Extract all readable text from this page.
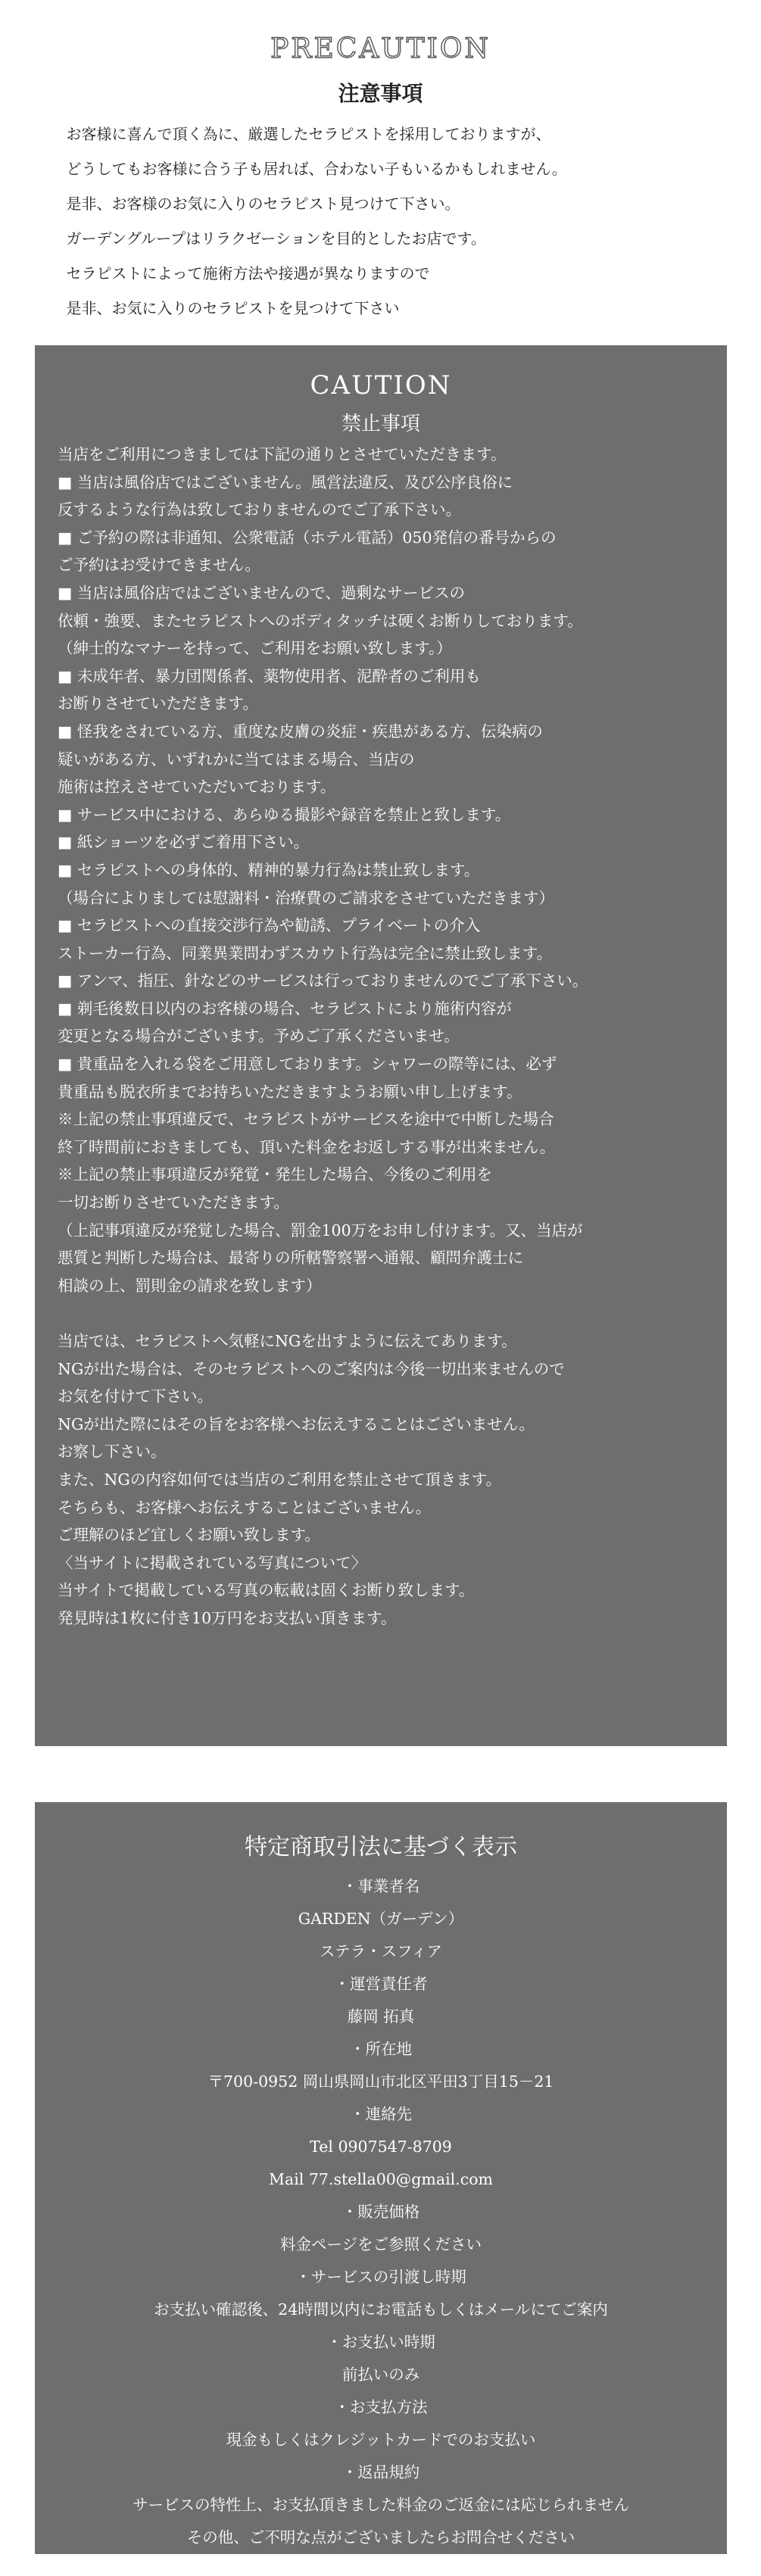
PRECAUTION
注意事項
お客様に喜んで頂く為に、厳選したセラピストを採用しておりますが、
どうしてもお客様に合う子も居れば、合わない子もいるかもしれません。
是非、お客様のお気に入りのセラピスト見つけて下さい。
ガーデングループはリラクゼーションを目的としたお店です。
セラピストによって施術方法や接遇が異なりますので
是非、お気に入りのセラピストを見つけて下さい
CAUTION
禁止事項
当店をご利用につきましては下記の通りとさせていただきます。
■ 当店は風俗店ではございません。風営法違反、及び公序良俗に
反するような行為は致しておりませんのでご了承下さい。
■ ご予約の際は非通知、公衆電話（ホテル電話）050発信の番号からの
ご予約はお受けできません。
■ 当店は風俗店ではございませんので、過剰なサービスの
依頼・強要、またセラピストへのボディタッチは硬くお断りしております。
（紳士的なマナーを持って、ご利用をお願い致します。）
■ 未成年者、暴力団関係者、薬物使用者、泥酔者のご利用も
お断りさせていただきます。
■ 怪我をされている方、重度な皮膚の炎症・疾患がある方、伝染病の
疑いがある方、いずれかに当てはまる場合、当店の
施術は控えさせていただいております。
■ サービス中における、あらゆる撮影や録音を禁止と致します。
■ 紙ショーツを必ずご着用下さい。
■ セラピストへの身体的、精神的暴力行為は禁止致します。
（場合によりましては慰謝料・治療費のご請求をさせていただきます）
■ セラピストへの直接交渉行為や勧誘、プライベートの介入
ストーカー行為、同業異業問わずスカウト行為は完全に禁止致します。
■ アンマ、指圧、針などのサービスは行っておりませんのでご了承下さい。
■ 剃毛後数日以内のお客様の場合、セラピストにより施術内容が
変更となる場合がございます。予めご了承くださいませ。
■ 貴重品を入れる袋をご用意しております。シャワーの際等には、必ず
貴重品も脱衣所までお持ちいただきますようお願い申し上げます。
※上記の禁止事項違反で、セラピストがサービスを途中で中断した場合
終了時間前におきましても、頂いた料金をお返しする事が出来ません。
※上記の禁止事項違反が発覚・発生した場合、今後のご利用を
一切お断りさせていただきます。
（上記事項違反が発覚した場合、罰金100万をお申し付けます。又、当店が
悪質と判断した場合は、最寄りの所轄警察署へ通報、顧問弁護士に
相談の上、罰則金の請求を致します）
当店では、セラピストへ気軽にNGを出すように伝えてあります。
NGが出た場合は、そのセラピストへのご案内は今後一切出来ませんので
お気を付けて下さい。
NGが出た際にはその旨をお客様へお伝えすることはございません。
お察し下さい。
また、NGの内容如何では当店のご利用を禁止させて頂きます。
そちらも、お客様へお伝えすることはございません。
ご理解のほど宜しくお願い致します。
〈当サイトに掲載されている写真について〉
当サイトで掲載している写真の転載は固くお断り致します。
発見時は1枚に付き10万円をお支払い頂きます。
特定商取引法に基づく表示
・事業者名
GARDEN（ガーデン）
ステラ・スフィア
・運営責任者
藤岡 拓真
・所在地
〒700-0952 岡山県岡山市北区平田3丁目15－21
・連絡先
Tel 0907547-8709
Mail 77.stella00@gmail.com
・販売価格
料金ページをご参照ください
・サービスの引渡し時期
お支払い確認後、24時間以内にお電話もしくはメールにてご案内
・お支払い時期
前払いのみ
・お支払方法
現金もしくはクレジットカードでのお支払い
・返品規約
サービスの特性上、お支払頂きました料金のご返金には応じられません
その他、ご不明な点がございましたらお問合せください
